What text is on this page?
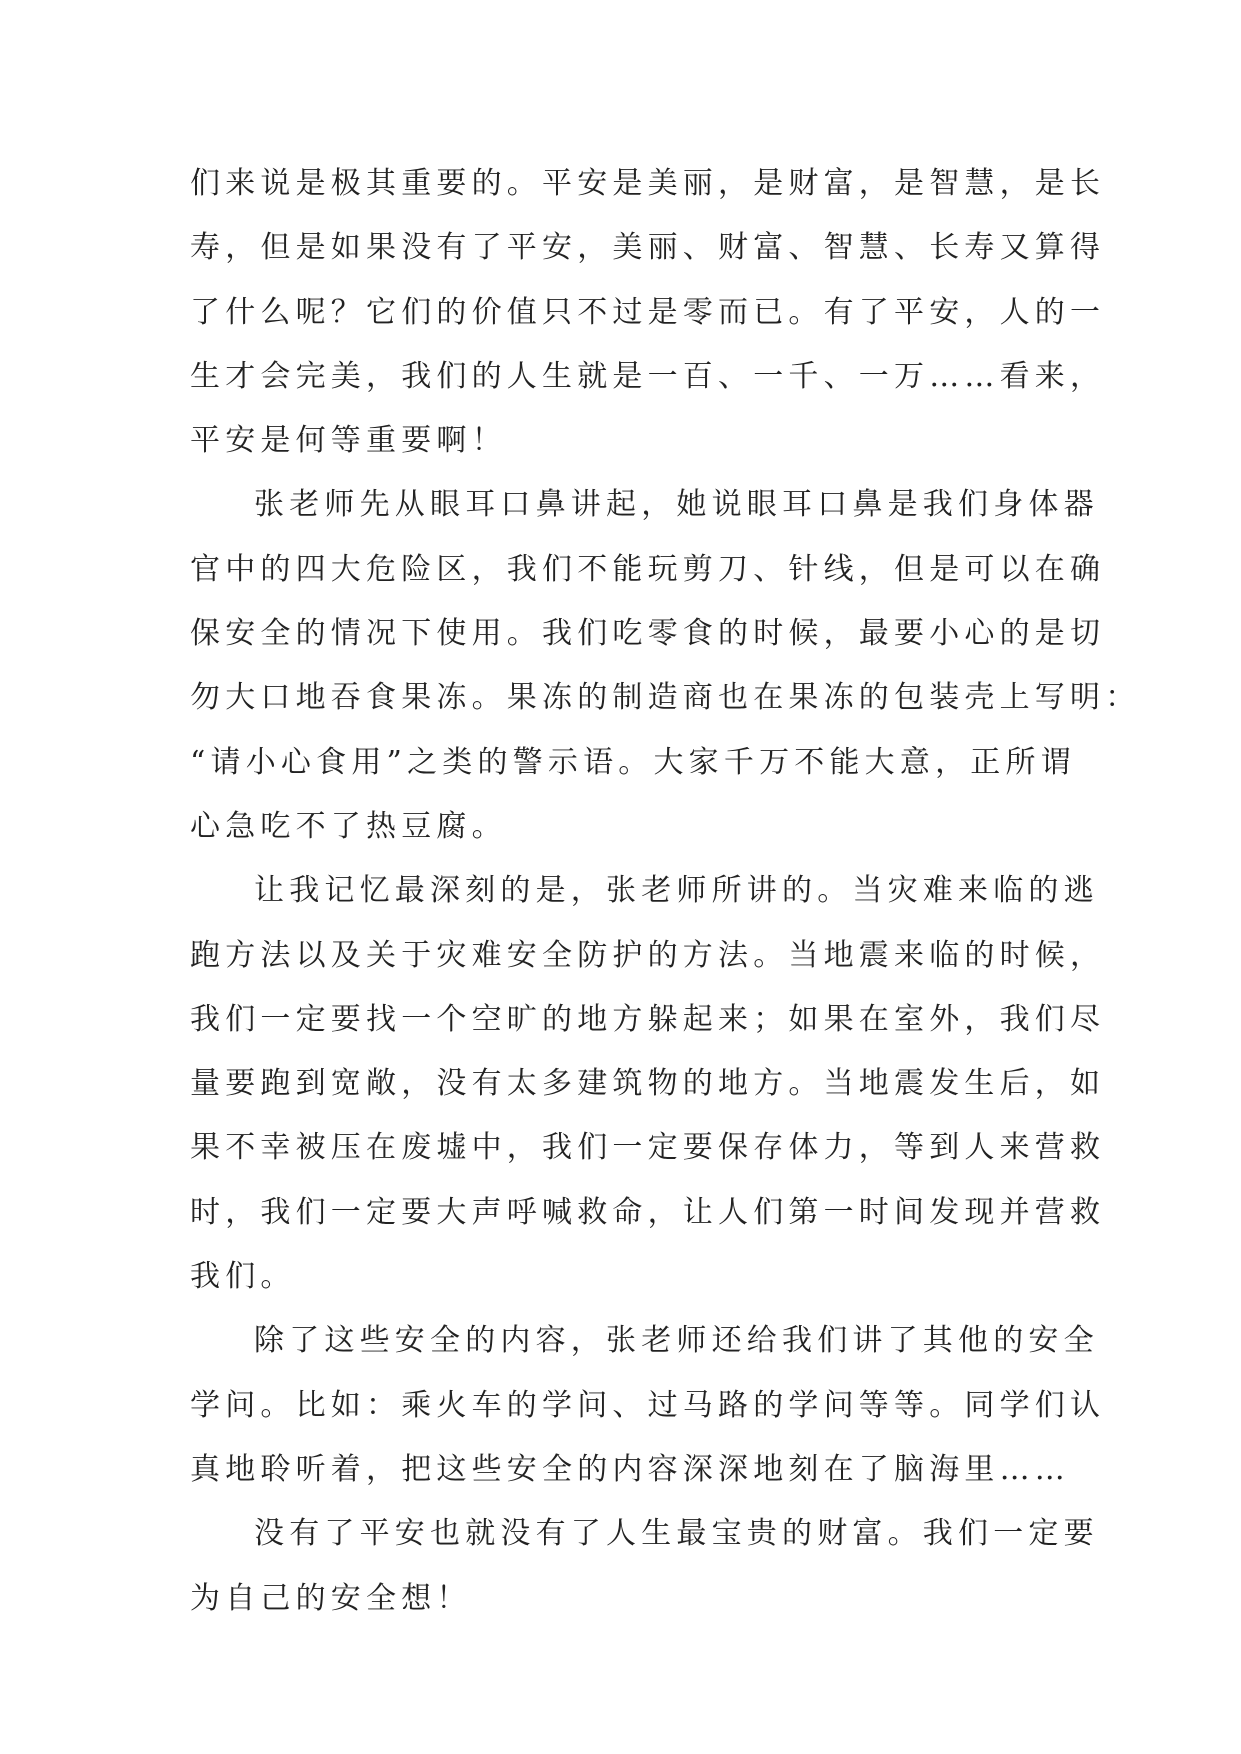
们来说是极其重要的。平安是美丽，是财富，是智慧，是长
寿，但是如果没有了平安，美丽、财富、智慧、长寿又算得
了什么呢？它们的价值只不过是零而已。有了平安，人的一
生才会完美，我们的人生就是一百、一千、一万……看来，
平安是何等重要啊！
张老师先从眼耳口鼻讲起，她说眼耳口鼻是我们身体器
官中的四大危险区，我们不能玩剪刀、针线，但是可以在确
保安全的情况下使用。我们吃零食的时候，最要小心的是切
勿大口地吞食果冻。果冻的制造商也在果冻的包装壳上写明：
“请小心食用”之类的警示语。大家千万不能大意，正所谓
心急吃不了热豆腐。
让我记忆最深刻的是，张老师所讲的。当灾难来临的逃
跑方法以及关于灾难安全防护的方法。当地震来临的时候，
我们一定要找一个空旷的地方躲起来；如果在室外，我们尽
量要跑到宽敞，没有太多建筑物的地方。当地震发生后，如
果不幸被压在废墟中，我们一定要保存体力，等到人来营救
时，我们一定要大声呼喊救命，让人们第一时间发现并营救
我们。
除了这些安全的内容，张老师还给我们讲了其他的安全
学问。比如：乘火车的学问、过马路的学问等等。同学们认
真地聆听着，把这些安全的内容深深地刻在了脑海里……
没有了平安也就没有了人生最宝贵的财富。我们一定要
为自己的安全想！
